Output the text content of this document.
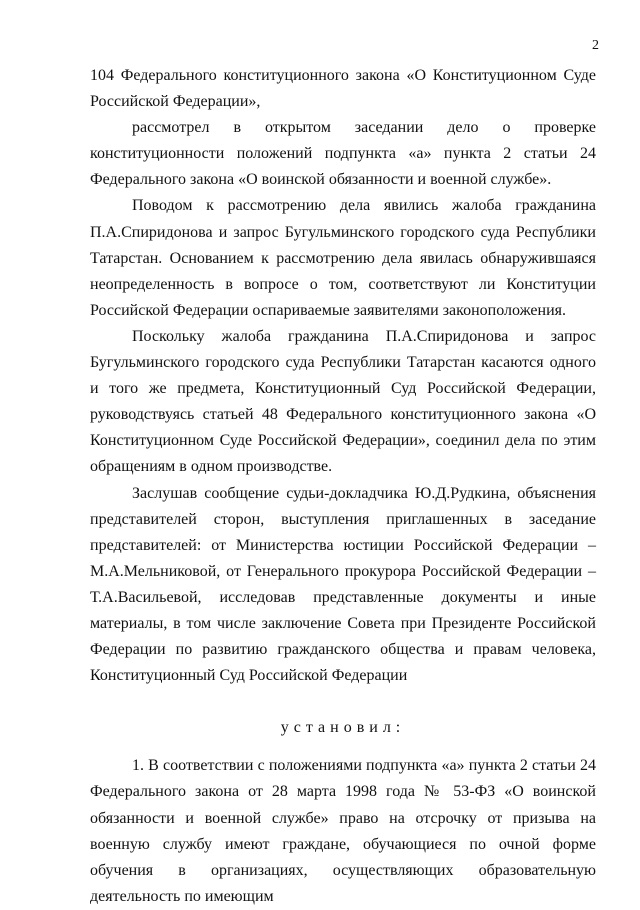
2

104 Федерального конституционного закона «О Конституционном Суде Российской Федерации»,

рассмотрел в открытом заседании дело о проверке конституционности положений подпункта «а» пункта 2 статьи 24 Федерального закона «О воинской обязанности и военной службе».

Поводом к рассмотрению дела явились жалоба гражданина П.А.Спиридонова и запрос Бугульминского городского суда Республики Татарстан. Основанием к рассмотрению дела явилась обнаружившаяся неопределенность в вопросе о том, соответствуют ли Конституции Российской Федерации оспариваемые заявителями законоположения.

Поскольку жалоба гражданина П.А.Спиридонова и запрос Бугульминского городского суда Республики Татарстан касаются одного и того же предмета, Конституционный Суд Российской Федерации, руководствуясь статьей 48 Федерального конституционного закона «О Конституционном Суде Российской Федерации», соединил дела по этим обращениям в одном производстве.

Заслушав сообщение судьи-докладчика Ю.Д.Рудкина, объяснения представителей сторон, выступления приглашенных в заседание представителей: от Министерства юстиции Российской Федерации – М.А.Мельниковой, от Генерального прокурора Российской Федерации – Т.А.Васильевой, исследовав представленные документы и иные материалы, в том числе заключение Совета при Президенте Российской Федерации по развитию гражданского общества и правам человека, Конституционный Суд Российской Федерации

установил:

1. В соответствии с положениями подпункта «а» пункта 2 статьи 24 Федерального закона от 28 марта 1998 года № 53-ФЗ «О воинской обязанности и военной службе» право на отсрочку от призыва на военную службу имеют граждане, обучающиеся по очной форме обучения в организациях, осуществляющих образовательную деятельность по имеющим
